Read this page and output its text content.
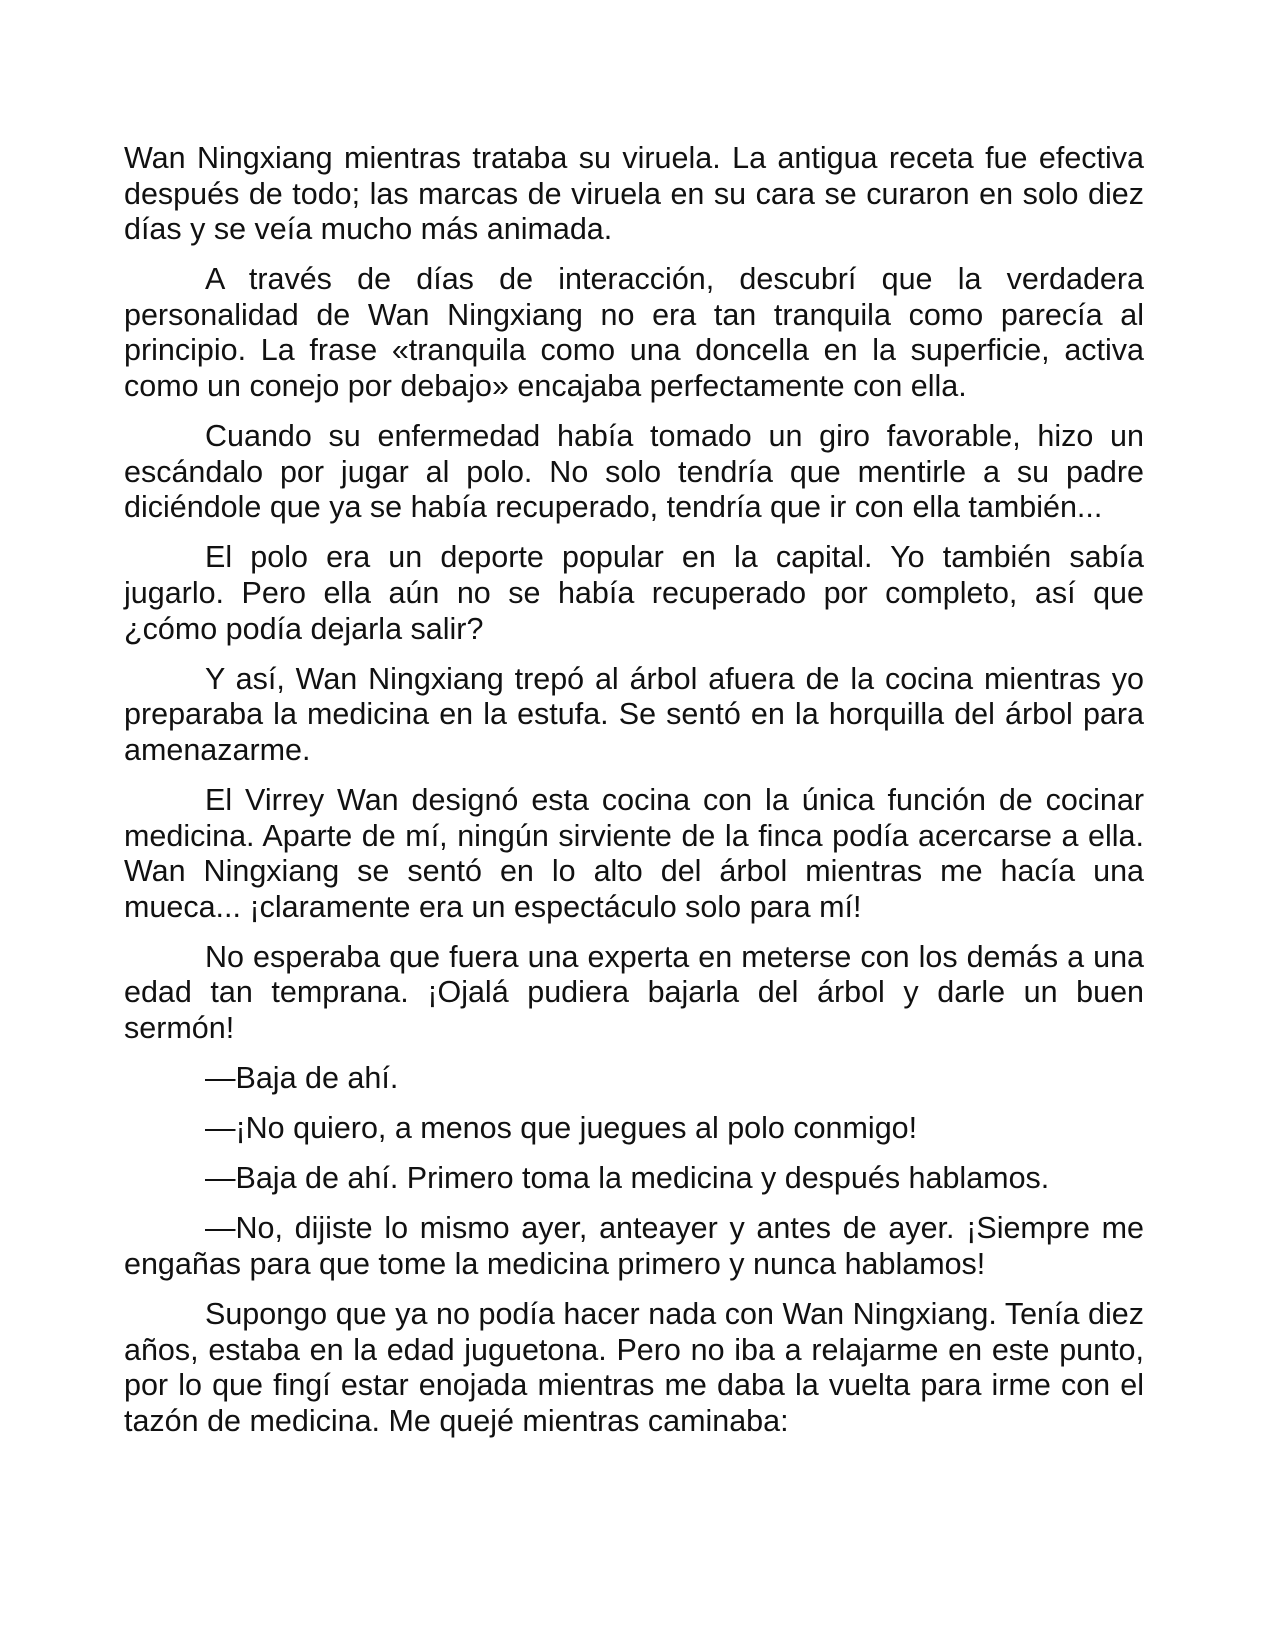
Wan Ningxiang mientras trataba su viruela. La antigua receta fue efectiva después de todo; las marcas de viruela en su cara se curaron en solo diez días y se veía mucho más animada.

A través de días de interacción, descubrí que la verdadera personalidad de Wan Ningxiang no era tan tranquila como parecía al principio. La frase «tranquila como una doncella en la superficie, activa como un conejo por debajo» encajaba perfectamente con ella.

Cuando su enfermedad había tomado un giro favorable, hizo un escándalo por jugar al polo. No solo tendría que mentirle a su padre diciéndole que ya se había recuperado, tendría que ir con ella también...

El polo era un deporte popular en la capital. Yo también sabía jugarlo. Pero ella aún no se había recuperado por completo, así que ¿cómo podía dejarla salir?

Y así, Wan Ningxiang trepó al árbol afuera de la cocina mientras yo preparaba la medicina en la estufa. Se sentó en la horquilla del árbol para amenazarme.

El Virrey Wan designó esta cocina con la única función de cocinar medicina. Aparte de mí, ningún sirviente de la finca podía acercarse a ella. Wan Ningxiang se sentó en lo alto del árbol mientras me hacía una mueca... ¡claramente era un espectáculo solo para mí!

No esperaba que fuera una experta en meterse con los demás a una edad tan temprana. ¡Ojalá pudiera bajarla del árbol y darle un buen sermón!

—Baja de ahí.

—¡No quiero, a menos que juegues al polo conmigo!

—Baja de ahí. Primero toma la medicina y después hablamos.

—No, dijiste lo mismo ayer, anteayer y antes de ayer. ¡Siempre me engañas para que tome la medicina primero y nunca hablamos!

Supongo que ya no podía hacer nada con Wan Ningxiang. Tenía diez años, estaba en la edad juguetona. Pero no iba a relajarme en este punto, por lo que fingí estar enojada mientras me daba la vuelta para irme con el tazón de medicina. Me quejé mientras caminaba:
